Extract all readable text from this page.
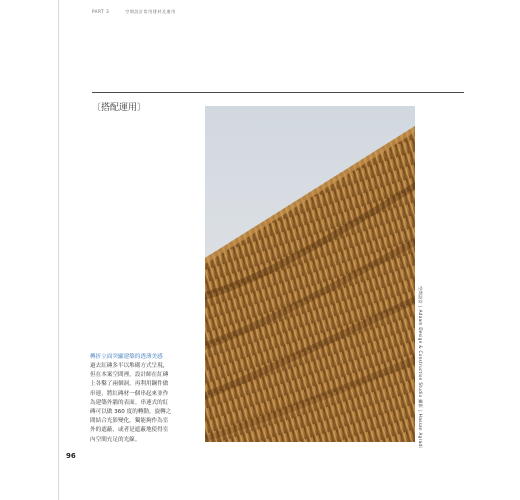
PART 3	空間設計常用建材及運用
〔搭配運用〕
空間設計 ∣ Adaam Design & Construction Studio 攝影 ∣ Hassan Agradi
轉折立面突顯建築的透薄美感
過去紅磚多半以堆砌方式呈現，
但在本案空間裡，設計師在紅磚
上各鑿了兩個洞，再利用鋼件做
串連，將紅磚材一個串起來並作
為建築外牆的表面。串連式的紅
磚可以做 360 度的轉動，旋轉之
間結合光影變化，獨能夠作為室
外的遮蔽，或者是遮蔽地使得室
內空間充足的光線。
96
